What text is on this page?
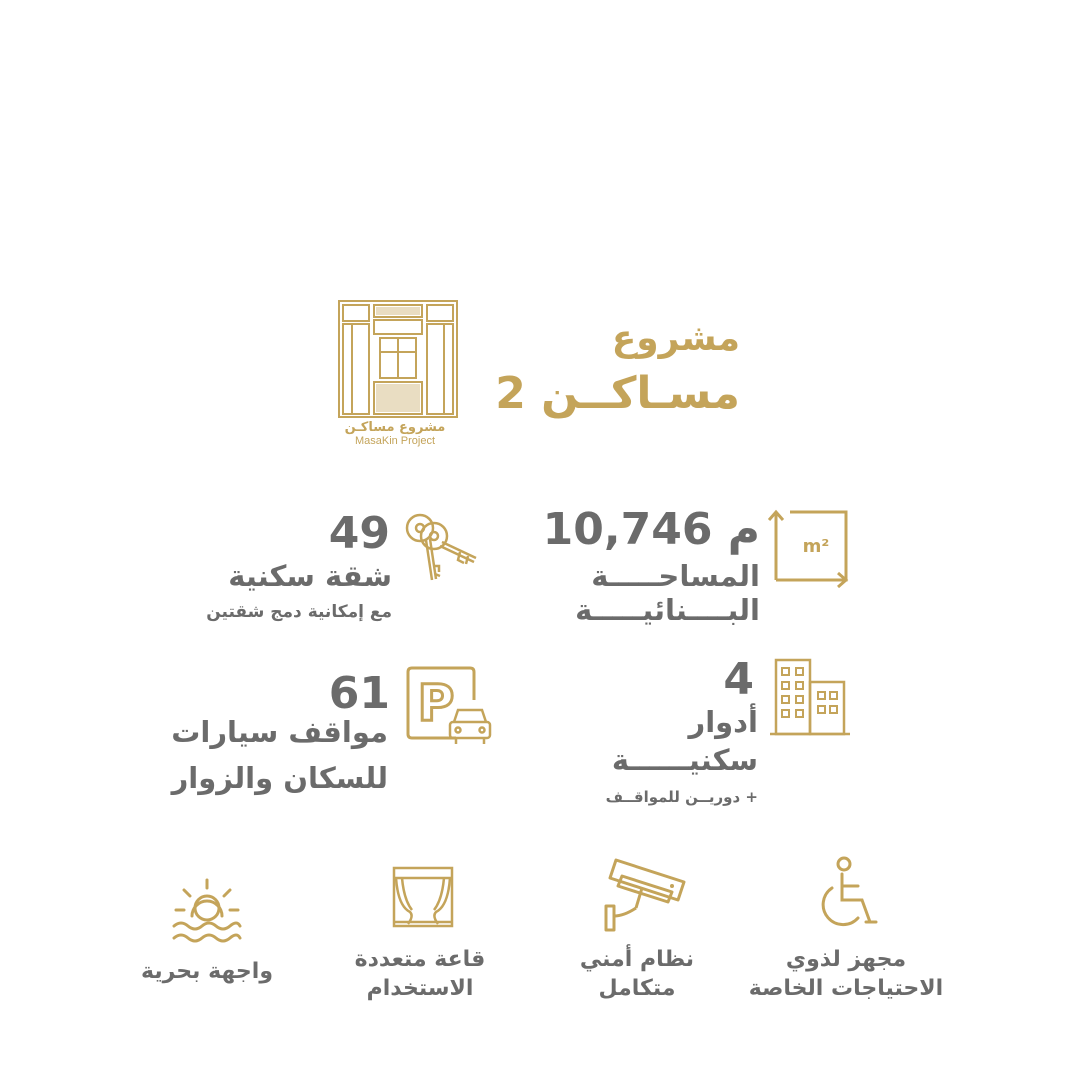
مشروع مساكـن
MasaKin Project
مشروع
مسـاكــن 2
m²
10,746 م
المساحـــــة
البــــنائيـــــة
49
شقة سكنية
مع إمكانية دمج شقتين
4
أدوار
سكنيــــــة
+ دوريــن للمواقــف
P
61
مواقف سيارات
للسكان والزوار
مجهز لذوي
الاحتياجات الخاصة
نظام أمني
متكامل
قاعة متعددة
الاستخدام
واجهة بحرية
